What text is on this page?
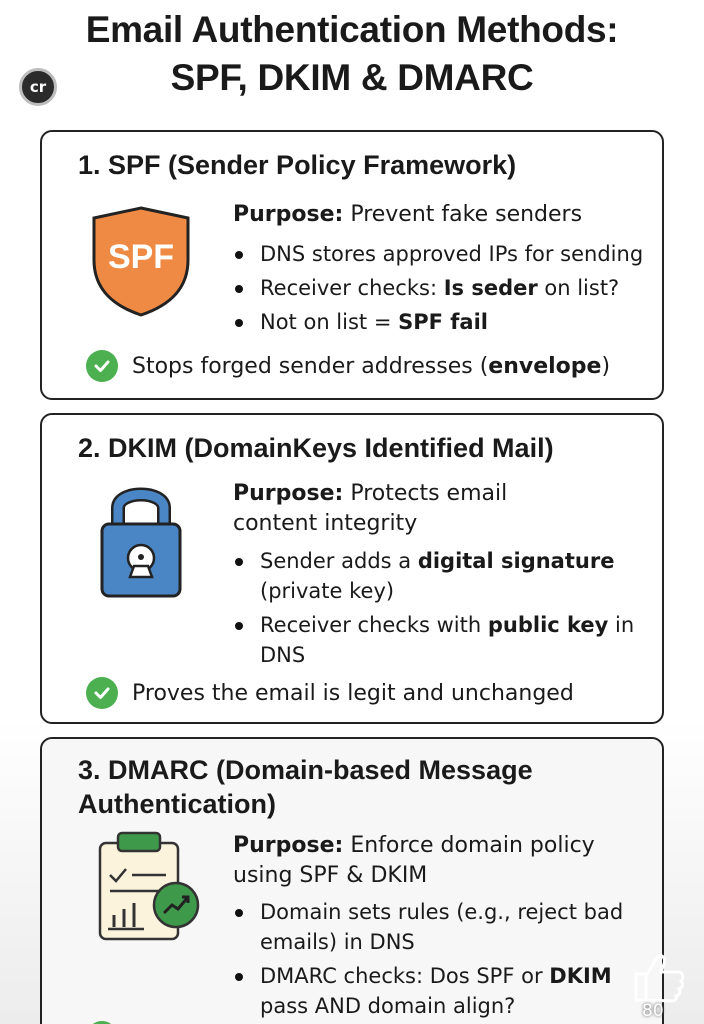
Email Authentication Methods:
SPF, DKIM & DMARC
cr
1. SPF (Sender Policy Framework)
SPF
Purpose: Prevent fake senders
DNS stores approved IPs for sending
Receiver checks: Is seder on list?
Not on list = SPF fail
Stops forged sender addresses (envelope)
2. DKIM (DomainKeys Identified Mail)
Purpose: Protects email
content integrity
Sender adds a digital signature (private key)
Receiver checks with public key in DNS
Proves the email is legit and unchanged
3. DMARC (Domain-based Message
Authentication)
Purpose: Enforce domain policy
using SPF & DKIM
Domain sets rules (e.g., reject bad emails) in DNS
DMARC checks: Dos SPF or DKIM pass AND domain align?	80
